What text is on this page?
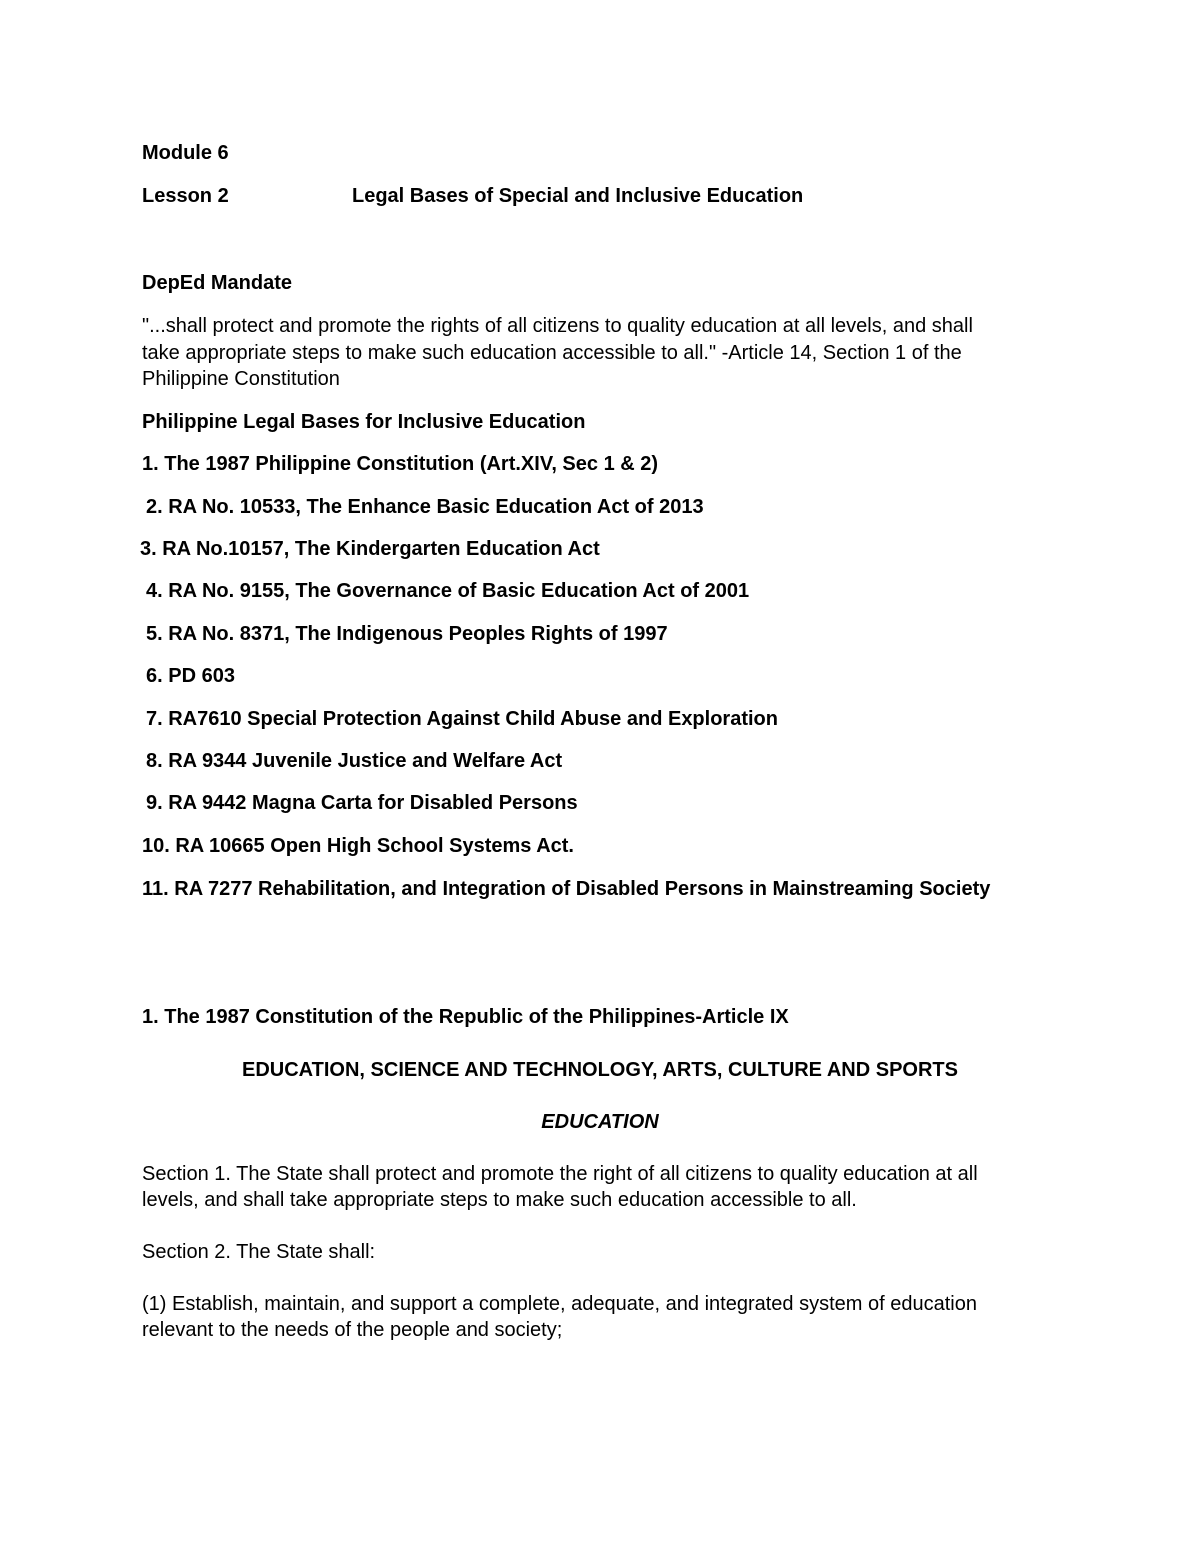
Module 6
Lesson 2	Legal Bases of Special and Inclusive Education
DepEd Mandate
"...shall protect and promote the rights of all citizens to quality education at all levels, and shall
take appropriate steps to make such education accessible to all." -Article 14, Section 1 of the
Philippine Constitution
Philippine Legal Bases for Inclusive Education
1. The 1987 Philippine Constitution (Art.XIV, Sec 1 & 2)
2. RA No. 10533, The Enhance Basic Education Act of 2013
3. RA No.10157, The Kindergarten Education Act
4. RA No. 9155, The Governance of Basic Education Act of 2001
5. RA No. 8371, The Indigenous Peoples Rights of 1997
6. PD 603
7. RA7610 Special Protection Against Child Abuse and Exploration
8. RA 9344 Juvenile Justice and Welfare Act
9. RA 9442 Magna Carta for Disabled Persons
10. RA 10665 Open High School Systems Act.
11. RA 7277 Rehabilitation, and Integration of Disabled Persons in Mainstreaming Society
1. The 1987 Constitution of the Republic of the Philippines-Article IX
EDUCATION, SCIENCE AND TECHNOLOGY, ARTS, CULTURE AND SPORTS
EDUCATION
Section 1. The State shall protect and promote the right of all citizens to quality education at all
levels, and shall take appropriate steps to make such education accessible to all.
Section 2. The State shall:
(1) Establish, maintain, and support a complete, adequate, and integrated system of education
relevant to the needs of the people and society;
